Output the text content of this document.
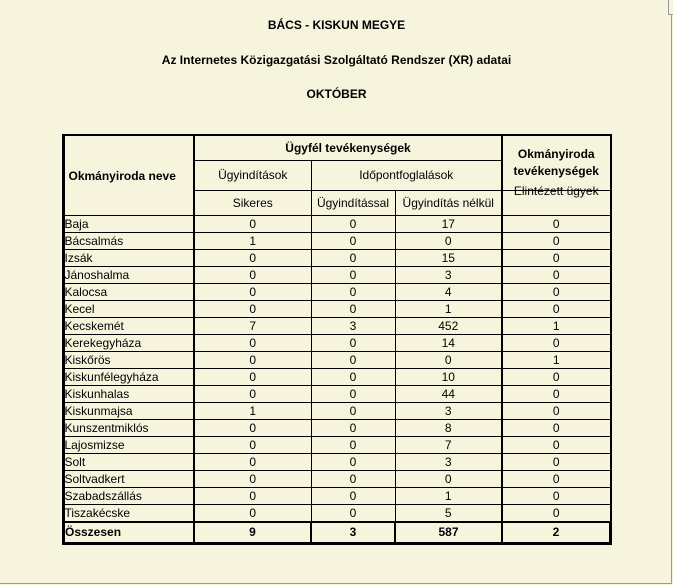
BÁCS - KISKUN MEGYE
Az Internetes Közigazgatási Szolgáltató Rendszer (XR) adatai
OKTÓBER
Okmányiroda neve	Ügyfél tevékenységek			Okmányiroda tevékenységek
	Ügyindítások	Időpontfoglalások		
	Sikeres	Ügyindítással	Ügyindítás nélkül	Elintézett ügyek
Baja	0	0	17	0
Bácsalmás	1	0	0	0
Izsák	0	0	15	0
Jánoshalma	0	0	3	0
Kalocsa	0	0	4	0
Kecel	0	0	1	0
Kecskemét	7	3	452	1
Kerekegyháza	0	0	14	0
Kiskőrös	0	0	0	1
Kiskunfélegyháza	0	0	10	0
Kiskunhalas	0	0	44	0
Kiskunmajsa	1	0	3	0
Kunszentmiklós	0	0	8	0
Lajosmizse	0	0	7	0
Solt	0	0	3	0
Soltvadkert	0	0	0	0
Szabadszállás	0	0	1	0
Tiszakécske	0	0	5	0
Összesen	9	3	587	2
